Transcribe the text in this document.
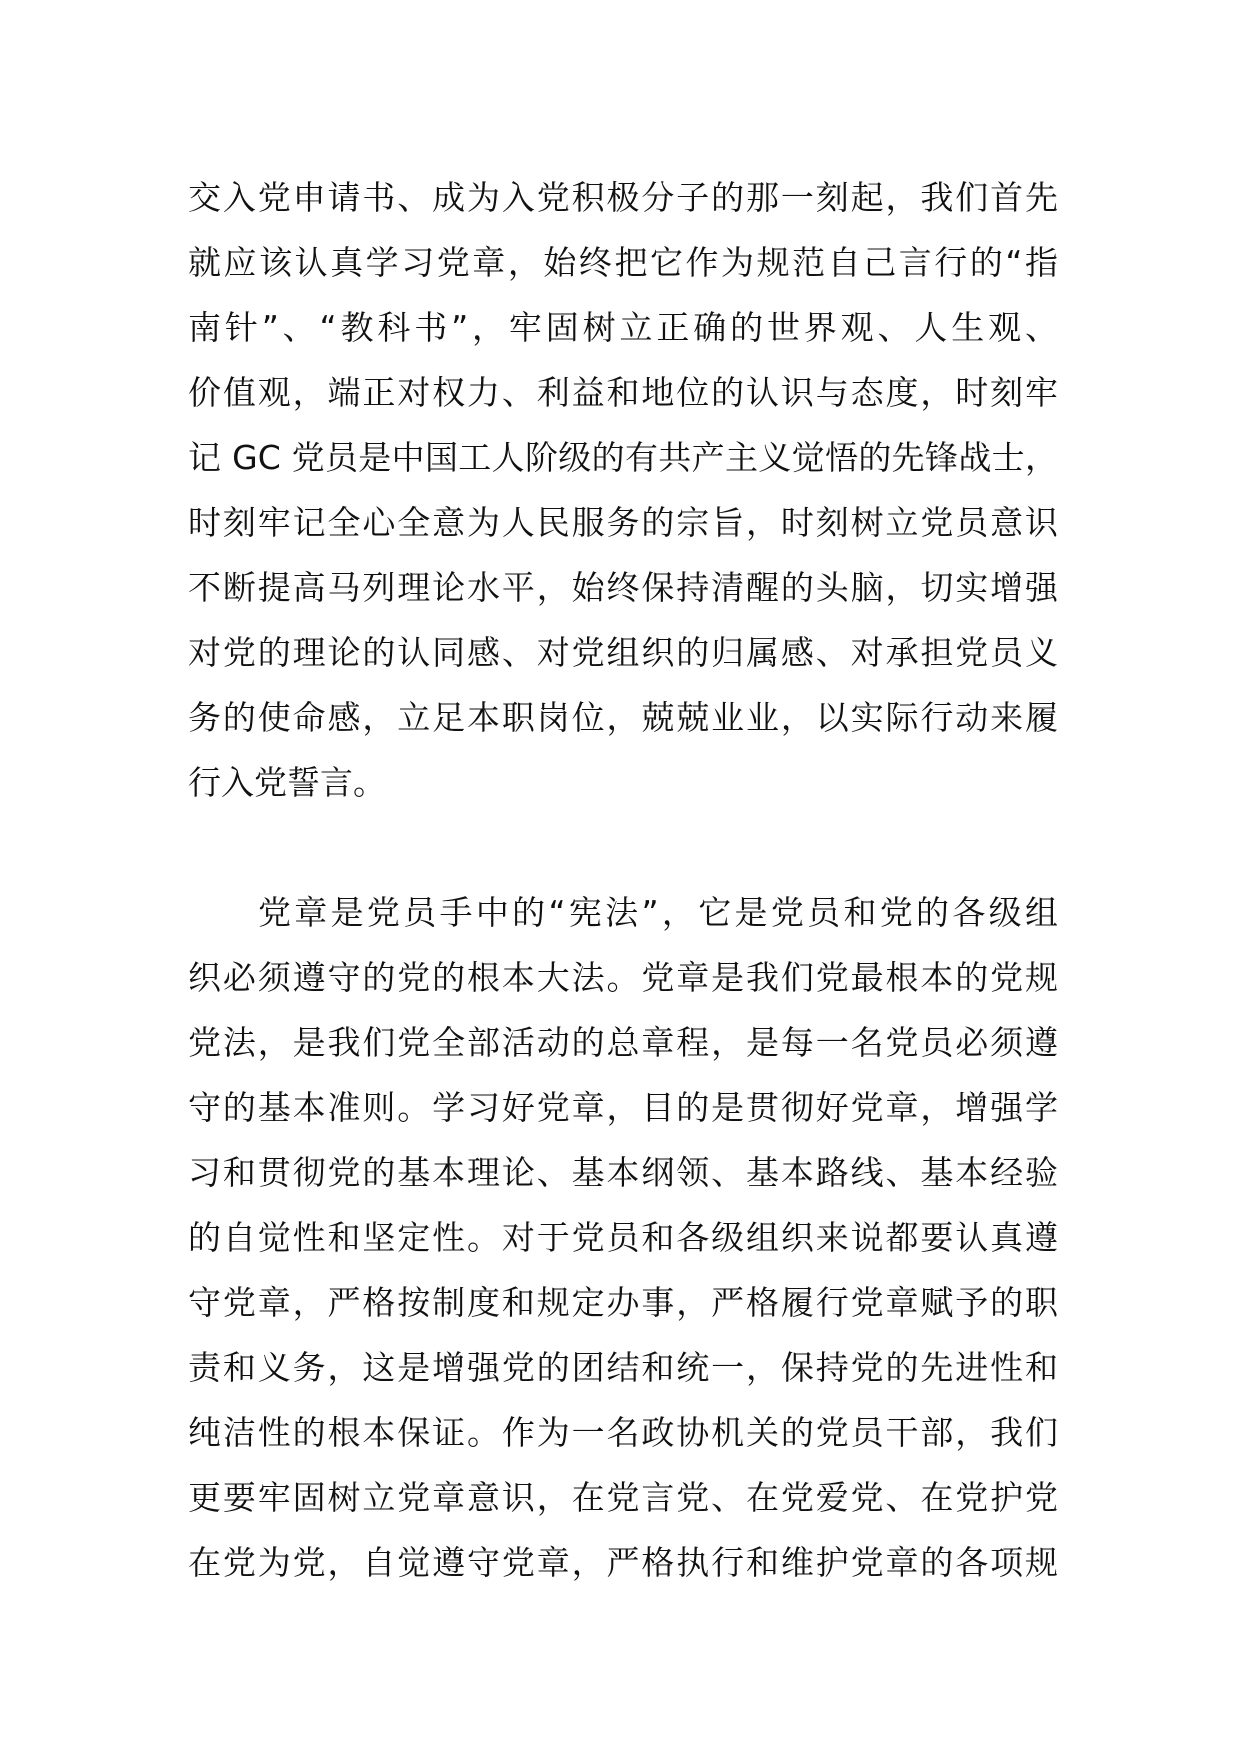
交入党申请书、成为入党积极分子的那一刻起，我们首先
就应该认真学习党章，始终把它作为规范自己言行的“指
南针”、“教科书”，牢固树立正确的世界观、人生观、
价值观，端正对权力、利益和地位的认识与态度，时刻牢
记 GC 党员是中国工人阶级的有共产主义觉悟的先锋战士，
时刻牢记全心全意为人民服务的宗旨，时刻树立党员意识
不断提高马列理论水平，始终保持清醒的头脑，切实增强
对党的理论的认同感、对党组织的归属感、对承担党员义
务的使命感，立足本职岗位，兢兢业业，以实际行动来履
行入党誓言。
党章是党员手中的“宪法”，它是党员和党的各级组
织必须遵守的党的根本大法。党章是我们党最根本的党规
党法，是我们党全部活动的总章程，是每一名党员必须遵
守的基本准则。学习好党章，目的是贯彻好党章，增强学
习和贯彻党的基本理论、基本纲领、基本路线、基本经验
的自觉性和坚定性。对于党员和各级组织来说都要认真遵
守党章，严格按制度和规定办事，严格履行党章赋予的职
责和义务，这是增强党的团结和统一，保持党的先进性和
纯洁性的根本保证。作为一名政协机关的党员干部，我们
更要牢固树立党章意识，在党言党、在党爱党、在党护党
在党为党，自觉遵守党章，严格执行和维护党章的各项规
